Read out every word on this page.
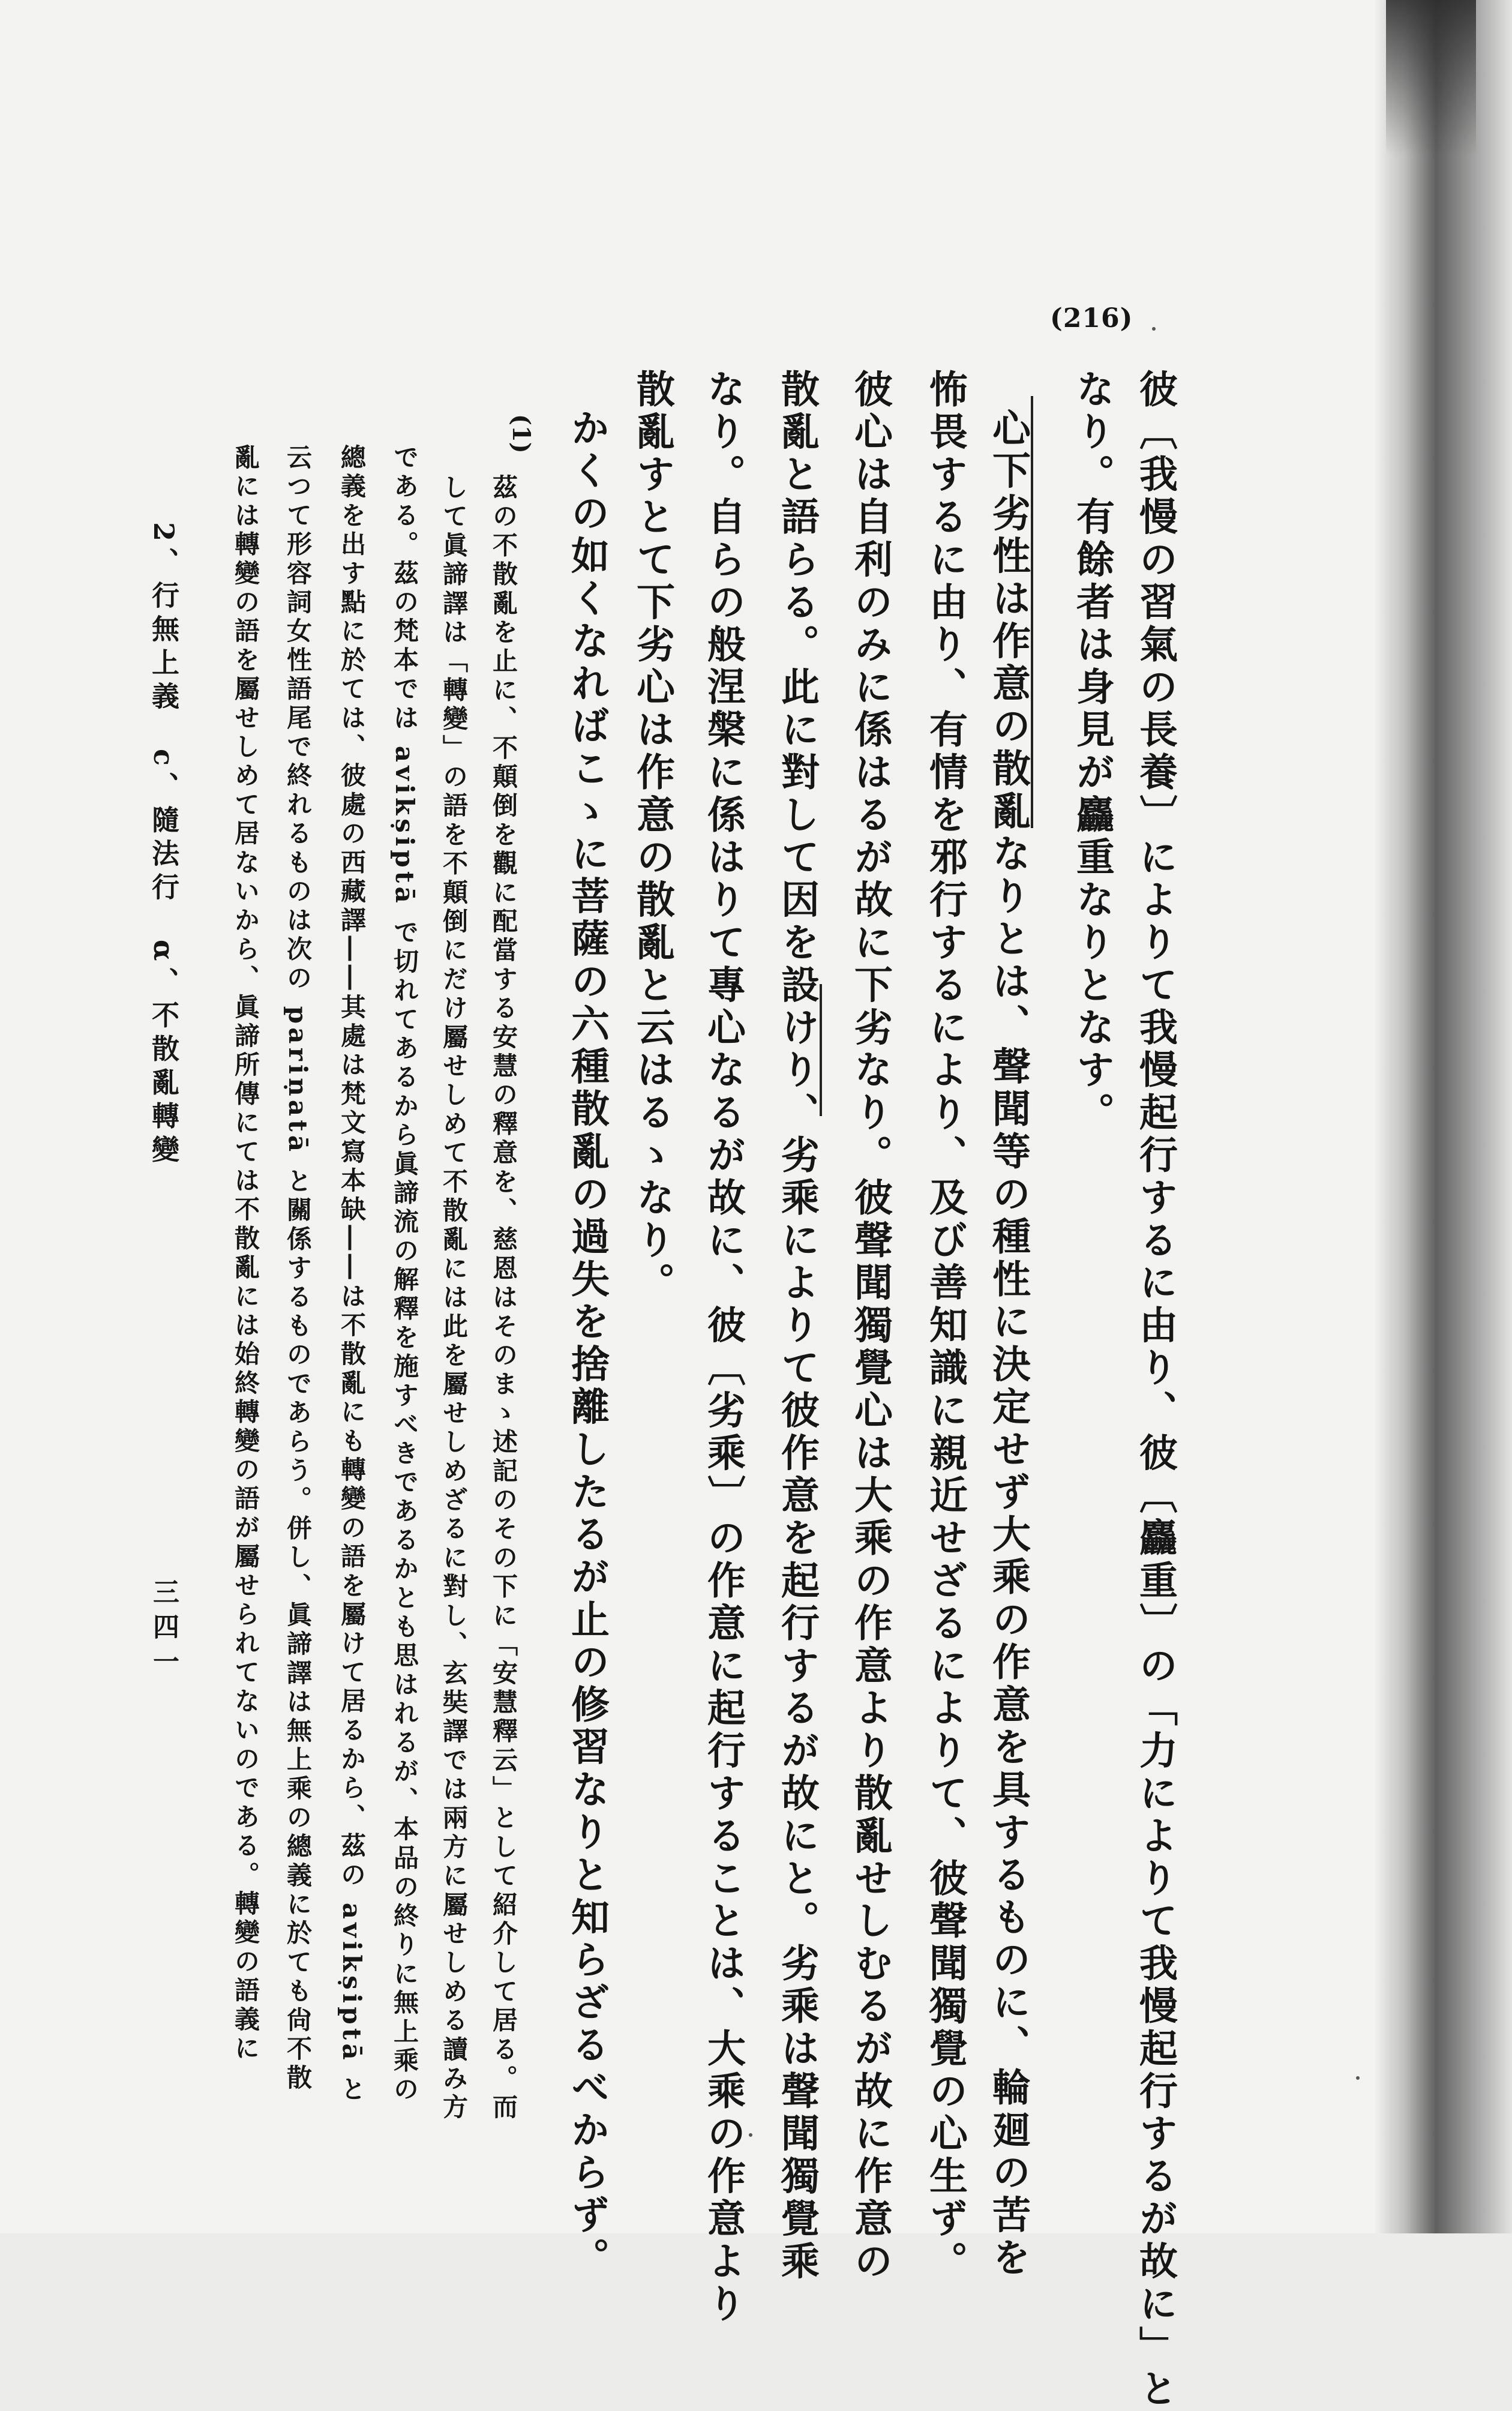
(216)
彼〔我慢の習氣の長養〕によりて我慢起行するに由り、彼〔麤重〕の「力によりて我慢起行するが故に」と
なり。有餘者は身見が麤重なりとなす。
心下劣性は作意の散亂なりとは、聲聞等の種性に決定せず大乘の作意を具するものに、輪廻の苦を
怖畏するに由り、有情を邪行するにより、及び善知識に親近せざるによりて、彼聲聞獨覺の心生ず。
彼心は自利のみに係はるが故に下劣なり。彼聲聞獨覺心は大乘の作意より散亂せしむるが故に作意の
散亂と語らる。此に對して因を設けり、劣乘によりて彼作意を起行するが故にと。劣乘は聲聞獨覺乘
なり。自らの般涅槃に係はりて專心なるが故に、彼〔劣乘〕の作意に起行することは、大乘の作意より
散亂すとて下劣心は作意の散亂と云はるゝなり。
かくの如くなればこゝに菩薩の六種散亂の過失を捨離したるが止の修習なりと知らざるべからず。
(1)
茲の不散亂を止に、不顛倒を觀に配當する安慧の釋意を、慈恩はそのまゝ述記のその下に「安慧釋云」として紹介して居る。而
して眞諦譯は「轉變」の語を不顛倒にだけ屬せしめて不散亂には此を屬せしめざるに對し、玄奘譯では兩方に屬せしめる讀み方
である。茲の梵本では avikṣiptā で切れてあるから眞諦流の解釋を施すべきであるかとも思はれるが、本品の終りに無上乘の
總義を出す點に於ては、彼處の西藏譯――其處は梵文寫本缺――は不散亂にも轉變の語を屬けて居るから、茲の avikṣiptā と
云つて形容詞女性語尾で終れるものは次の pariṇatā と關係するものであらう。併し、眞諦譯は無上乘の總義に於ても尙不散
亂には轉變の語を屬せしめて居ないから、眞諦所傳にては不散亂には始終轉變の語が屬せられてないのである。轉變の語義に
2、行無上義　c、隨法行　α、不散亂轉變
三四一
